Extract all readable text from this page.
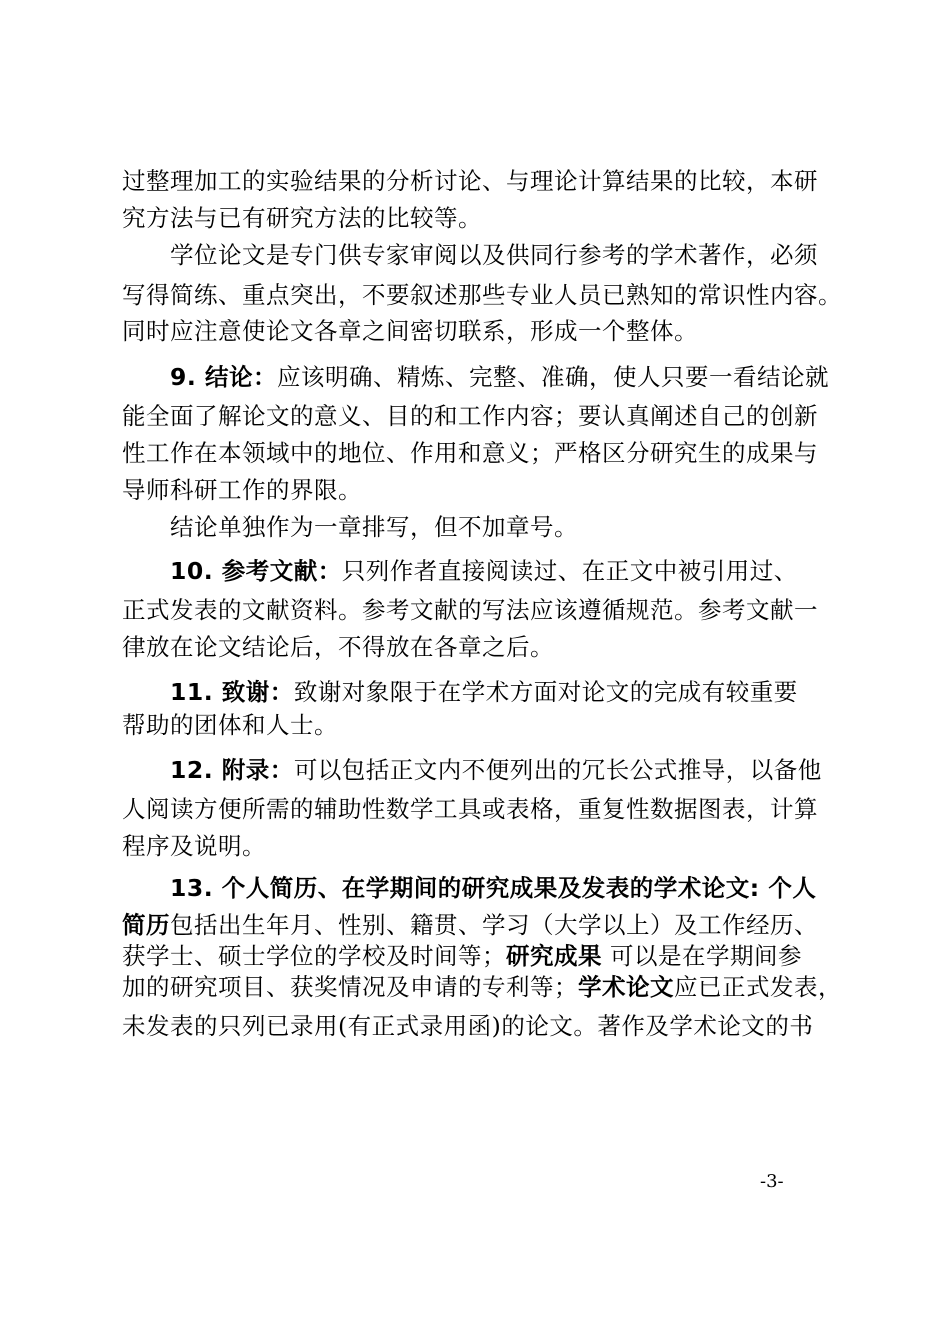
过整理加工的实验结果的分析讨论、与理论计算结果的比较，本研
究方法与已有研究方法的比较等。
学位论文是专门供专家审阅以及供同行参考的学术著作，必须
写得简练、重点突出，不要叙述那些专业人员已熟知的常识性内容。
同时应注意使论文各章之间密切联系，形成一个整体。
9. 结论：应该明确、精炼、完整、准确，使人只要一看结论就
能全面了解论文的意义、目的和工作内容；要认真阐述自己的创新
性工作在本领域中的地位、作用和意义；严格区分研究生的成果与
导师科研工作的界限。
结论单独作为一章排写，但不加章号。
10. 参考文献：只列作者直接阅读过、在正文中被引用过、
正式发表的文献资料。参考文献的写法应该遵循规范。参考文献一
律放在论文结论后，不得放在各章之后。
11. 致谢：致谢对象限于在学术方面对论文的完成有较重要
帮助的团体和人士。
12. 附录：可以包括正文内不便列出的冗长公式推导，以备他
人阅读方便所需的辅助性数学工具或表格，重复性数据图表，计算
程序及说明。
13. 个人简历、在学期间的研究成果及发表的学术论文: 个人
简历包括出生年月、性别、籍贯、学习（大学以上）及工作经历、
获学士、硕士学位的学校及时间等；研究成果 可以是在学期间参
加的研究项目、获奖情况及申请的专利等；学术论文应已正式发表，
未发表的只列已录用(有正式录用函)的论文。著作及学术论文的书
-3-
